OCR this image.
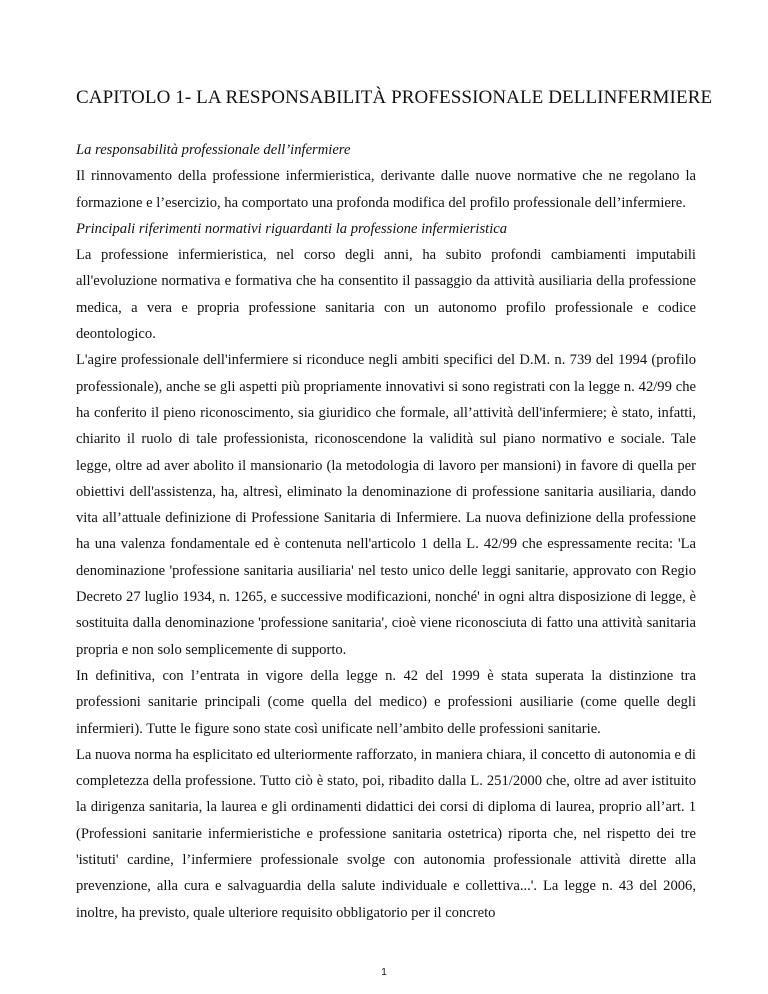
CAPITOLO 1- LA RESPONSABILITÀ PROFESSIONALE DELLINFERMIERE

La responsabilità professionale dell’infermiere

Il rinnovamento della professione infermieristica, derivante dalle nuove normative che ne regolano la formazione e l’esercizio, ha comportato una profonda modifica del profilo professionale dell’infermiere.

Principali riferimenti normativi riguardanti la professione infermieristica

La professione infermieristica, nel corso degli anni, ha subito profondi cambiamenti imputabili all'evoluzione normativa e formativa che ha consentito il passaggio da attività ausiliaria della professione medica, a vera e propria professione sanitaria con un autonomo profilo professionale e codice deontologico.

L'agire professionale dell'infermiere si riconduce negli ambiti specifici del D.M. n. 739 del 1994 (profilo professionale), anche se gli aspetti più propriamente innovativi si sono registrati con la legge n. 42/99 che ha conferito il pieno riconoscimento, sia giuridico che formale, all’attività dell'infermiere; è stato, infatti, chiarito il ruolo di tale professionista, riconoscendone la validità sul piano normativo e sociale. Tale legge, oltre ad aver abolito il mansionario (la metodologia di lavoro per mansioni) in favore di quella per obiettivi dell'assistenza, ha, altresì, eliminato la denominazione di professione sanitaria ausiliaria, dando vita all’attuale definizione di Professione Sanitaria di Infermiere. La nuova definizione della professione ha una valenza fondamentale ed è contenuta nell'articolo 1 della L. 42/99 che espressamente recita: 'La denominazione 'professione sanitaria ausiliaria' nel testo unico delle leggi sanitarie, approvato con Regio Decreto 27 luglio 1934, n. 1265, e successive modificazioni, nonché' in ogni altra disposizione di legge, è sostituita dalla denominazione 'professione sanitaria', cioè viene riconosciuta di fatto una attività sanitaria propria e non solo semplicemente di supporto.

In definitiva, con l’entrata in vigore della legge n. 42 del 1999 è stata superata la distinzione tra professioni sanitarie principali (come quella del medico) e professioni ausiliarie (come quelle degli infermieri). Tutte le figure sono state così unificate nell’ambito delle professioni sanitarie.

La nuova norma ha esplicitato ed ulteriormente rafforzato, in maniera chiara, il concetto di autonomia e di completezza della professione. Tutto ciò è stato, poi, ribadito dalla L. 251/2000 che, oltre ad aver istituito la dirigenza sanitaria, la laurea e gli ordinamenti didattici dei corsi di diploma di laurea, proprio all’art. 1 (Professioni sanitarie infermieristiche e professione sanitaria ostetrica) riporta che, nel rispetto dei tre 'istituti' cardine, l’infermiere professionale svolge con autonomia professionale attività dirette alla prevenzione, alla cura e salvaguardia della salute individuale e collettiva...'. La legge n. 43 del 2006, inoltre, ha previsto, quale ulteriore requisito obbligatorio per il concreto

1
